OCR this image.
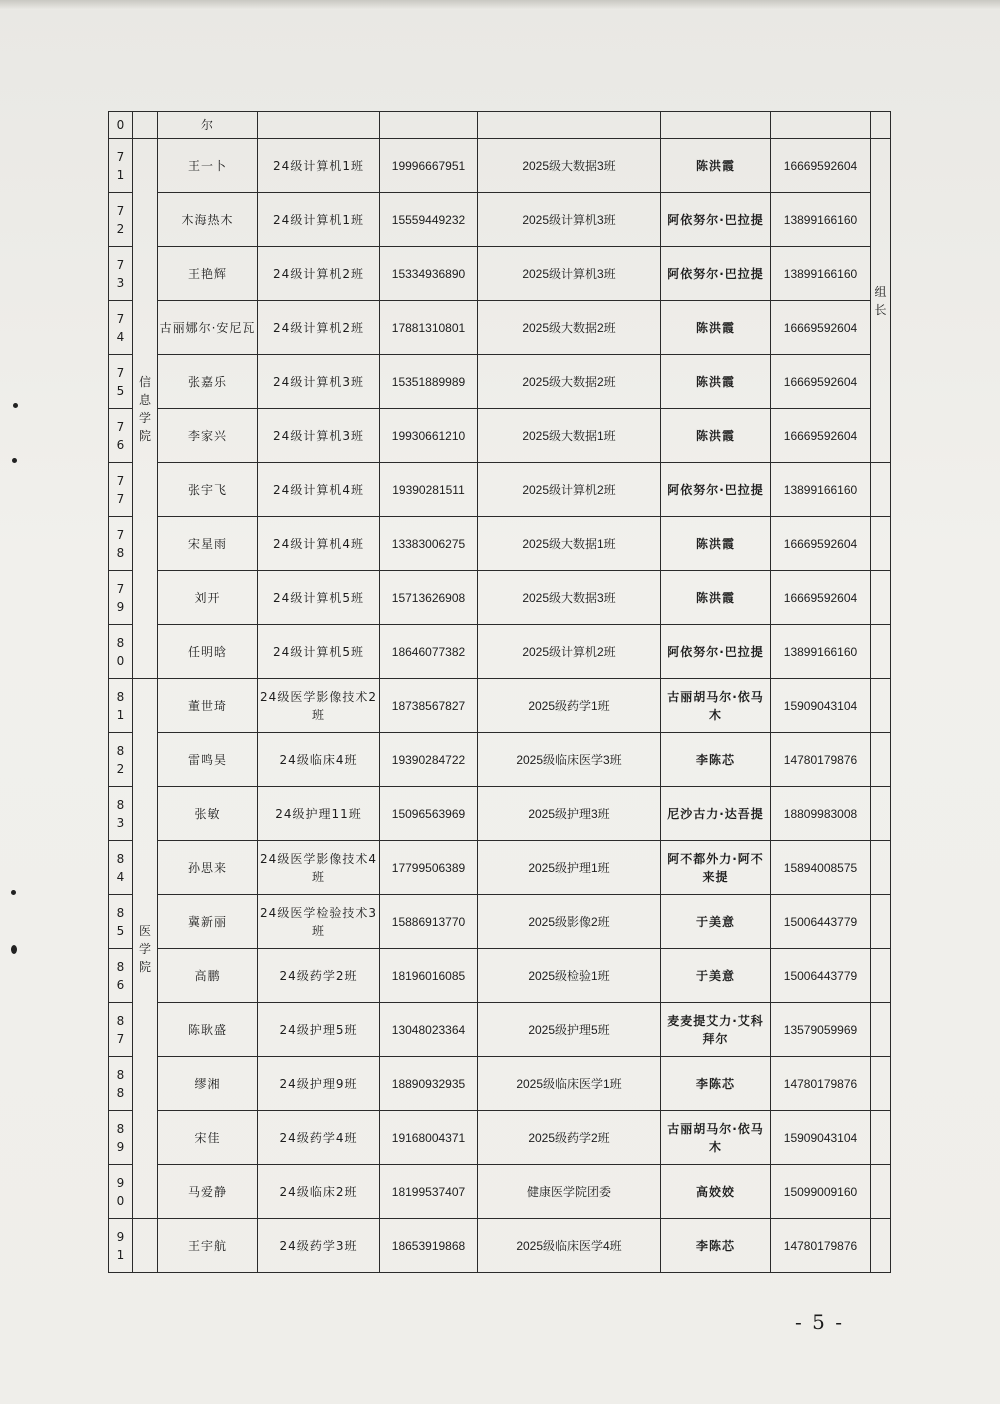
0		尔						

7
1	信
息
学
院	王一卜	24级计算机1班	19996667951	2025级大数据3班	陈洪霞	16669592604	组
长

7
2		木海热木	24级计算机1班	15559449232	2025级计算机3班	阿依努尔·巴拉提	13899166160	

7
3		王艳辉	24级计算机2班	15334936890	2025级计算机3班	阿依努尔·巴拉提	13899166160	

7
4		古丽娜尔·安尼瓦	24级计算机2班	17881310801	2025级大数据2班	陈洪霞	16669592604	

7
5		张嘉乐	24级计算机3班	15351889989	2025级大数据2班	陈洪霞	16669592604	

7
6		李家兴	24级计算机3班	19930661210	2025级大数据1班	陈洪霞	16669592604	

7
7		张宇飞	24级计算机4班	19390281511	2025级计算机2班	阿依努尔·巴拉提	13899166160	

7
8		宋星雨	24级计算机4班	13383006275	2025级大数据1班	陈洪霞	16669592604	

7
9		刘开	24级计算机5班	15713626908	2025级大数据3班	陈洪霞	16669592604	

8
0		任明晗	24级计算机5班	18646077382	2025级计算机2班	阿依努尔·巴拉提	13899166160	

8
1	医
学
院	董世琦	24级医学影像技术2班	18738567827	2025级药学1班	古丽胡马尔·依马木	15909043104	

8
2		雷鸣昊	24级临床4班	19390284722	2025级临床医学3班	李陈芯	14780179876	

8
3		张敏	24级护理11班	15096563969	2025级护理3班	尼沙古力·达吾提	18809983008	

8
4		孙思来	24级医学影像技术4班	17799506389	2025级护理1班	阿不都外力·阿不来提	15894008575	

8
5		冀新丽	24级医学检验技术3班	15886913770	2025级影像2班	于美意	15006443779	

8
6		高鹏	24级药学2班	18196016085	2025级检验1班	于美意	15006443779	

8
7		陈耿盛	24级护理5班	13048023364	2025级护理5班	麦麦提艾力·艾科拜尔	13579059969	

8
8		缪湘	24级护理9班	18890932935	2025级临床医学1班	李陈芯	14780179876	

8
9		宋佳	24级药学4班	19168004371	2025级药学2班	古丽胡马尔·依马木	15909043104	

9
0		马爱静	24级临床2班	18199537407	健康医学院团委	高姣姣	15099009160	

9
1		王宇航	24级药学3班	18653919868	2025级临床医学4班	李陈芯	14780179876	
- 5 -
